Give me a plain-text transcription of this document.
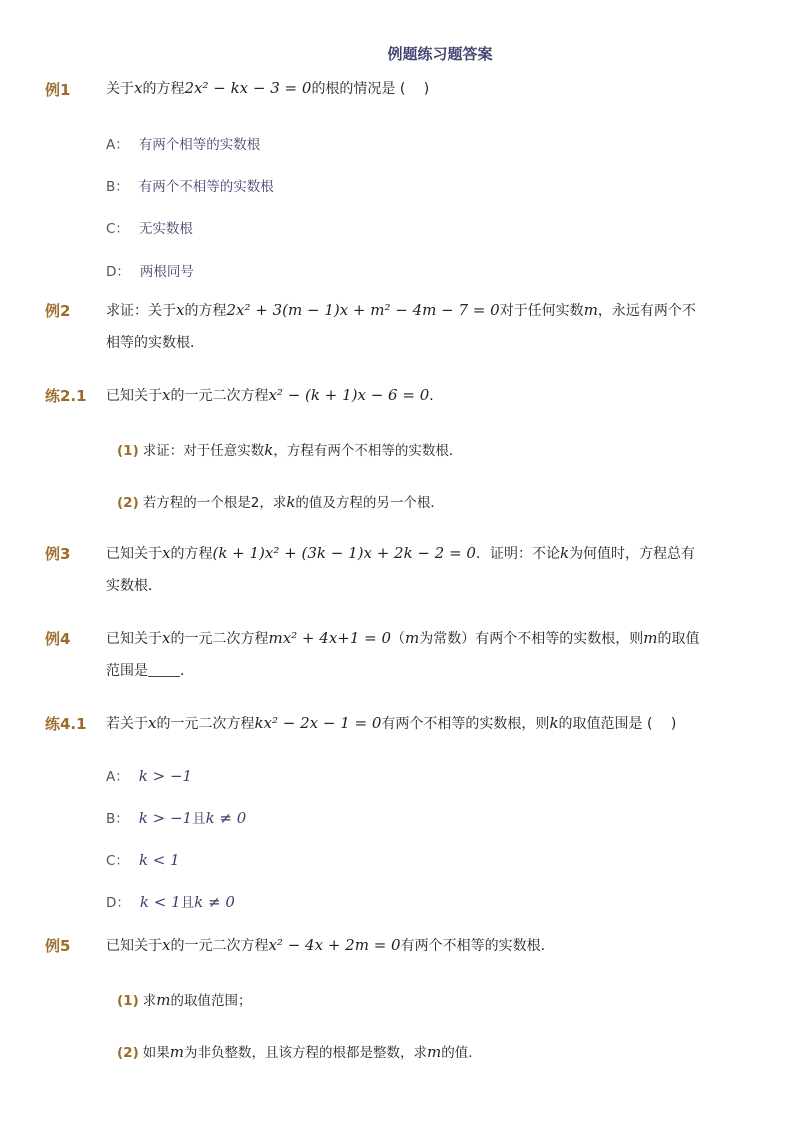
例题练习题答案
例1	关于x的方程2x² − kx − 3 = 0的根的情况是 (　 )
A： 有两个相等的实数根
B： 有两个不相等的实数根
C： 无实数根
D： 两根同号
例2	求证：关于x的方程2x² + 3(m − 1)x + m² − 4m − 7 = 0对于任何实数m，永远有两个不
相等的实数根．
练2.1 已知关于x的一元二次方程x² − (k + 1)x − 6 = 0．
(1) 求证：对于任意实数k，方程有两个不相等的实数根．
(2) 若方程的一个根是2，求k的值及方程的另一个根．
例3	已知关于x的方程(k + 1)x² + (3k − 1)x + 2k − 2 = 0．证明：不论k为何值时，方程总有
实数根．
例4	已知关于x的一元二次方程mx² + 4x+1 = 0（m为常数）有两个不相等的实数根，则m的取值
范围是 ．
练4.1 若关于x的一元二次方程kx² − 2x − 1 = 0有两个不相等的实数根，则k的取值范围是 (　 )
A： k > −1
B： k > −1且k ≠ 0
C： k < 1
D： k < 1且k ≠ 0
例5	已知关于x的一元二次方程x² − 4x + 2m = 0有两个不相等的实数根．
(1) 求m的取值范围；
(2) 如果m为非负整数，且该方程的根都是整数，求m的值．
